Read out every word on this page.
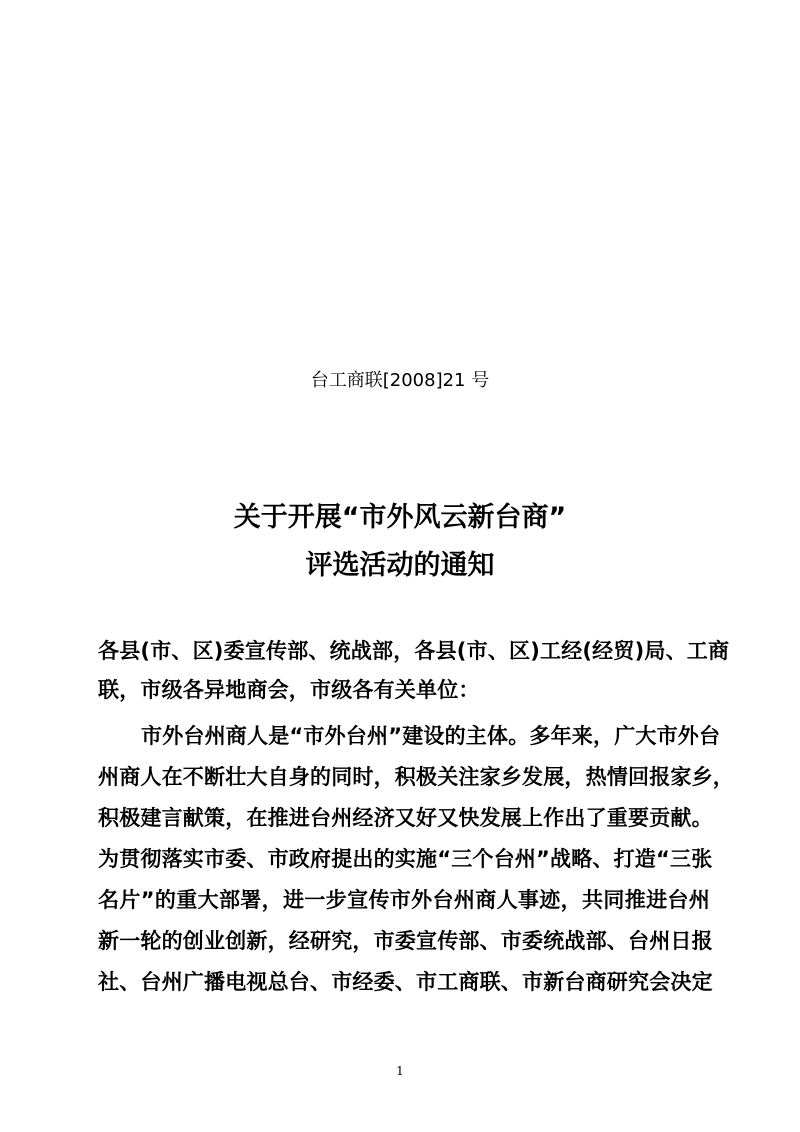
台工商联[2008]21 号
关于开展“市外风云新台商”
评选活动的通知
各县(市、区)委宣传部、统战部，各县(市、区)工经(经贸)局、工商
联，市级各异地商会，市级各有关单位：
市外台州商人是“市外台州”建设的主体。多年来，广大市外台
州商人在不断壮大自身的同时，积极关注家乡发展，热情回报家乡，
积极建言献策，在推进台州经济又好又快发展上作出了重要贡献。
为贯彻落实市委、市政府提出的实施“三个台州”战略、打造“三张
名片”的重大部署，进一步宣传市外台州商人事迹，共同推进台州
新一轮的创业创新，经研究，市委宣传部、市委统战部、台州日报
社、台州广播电视总台、市经委、市工商联、市新台商研究会决定
1
